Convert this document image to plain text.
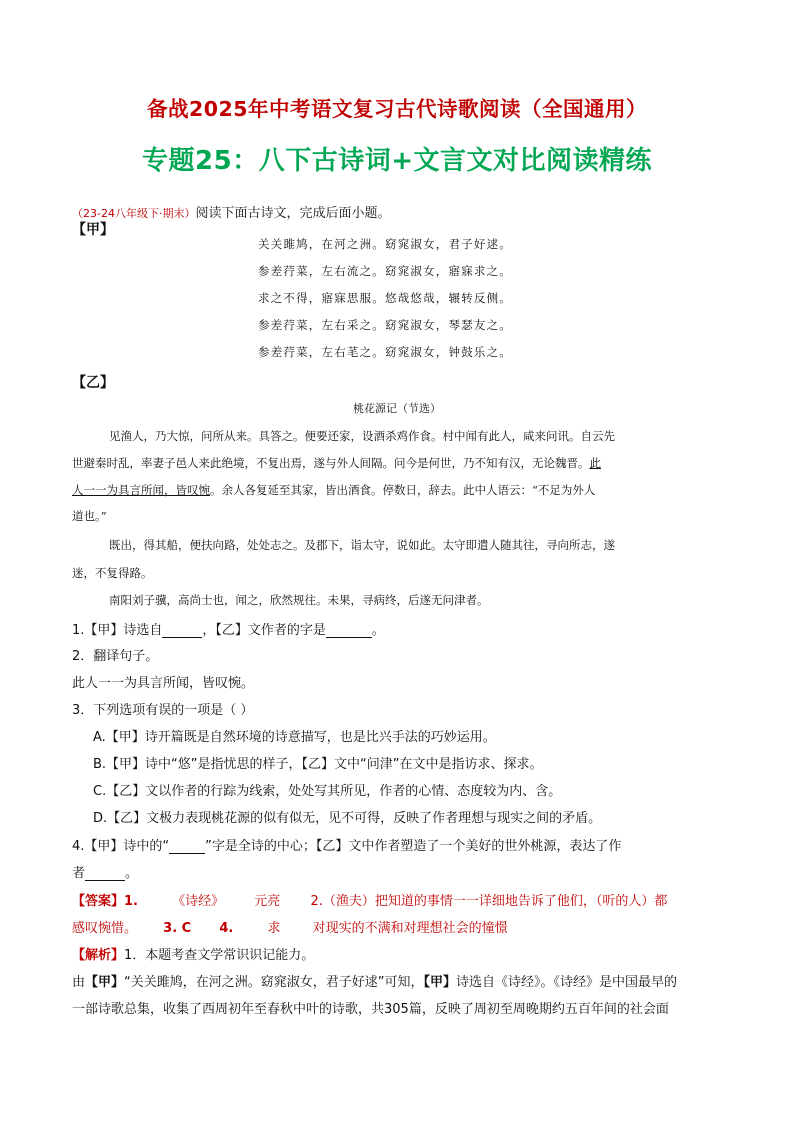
备战2025年中考语文复习古代诗歌阅读（全国通用）
专题25：八下古诗词+文言文对比阅读精练
（23-24八年级下·期末）阅读下面古诗文，完成后面小题。
【甲】
关关雎鸠，在河之洲。窈窕淑女，君子好逑。
参差荇菜，左右流之。窈窕淑女，寤寐求之。
求之不得，寤寐思服。悠哉悠哉，辗转反侧。
参差荇菜，左右采之。窈窕淑女，琴瑟友之。
参差荇菜，左右芼之。窈窕淑女，钟鼓乐之。
【乙】
桃花源记（节选）
见渔人，乃大惊，问所从来。具答之。便要还家，设酒杀鸡作食。村中闻有此人，咸来问讯。自云先
世避秦时乱，率妻子邑人来此绝境，不复出焉，遂与外人间隔。问今是何世，乃不知有汉，无论魏晋。此
人一一为具言所闻，皆叹惋。余人各复延至其家，皆出酒食。停数日，辞去。此中人语云：“不足为外人
道也。”
既出，得其船，便扶向路，处处志之。及郡下，诣太守，说如此。太守即遣人随其往，寻向所志，遂
迷，不复得路。
南阳刘子骥，高尚士也，闻之，欣然规往。未果，寻病终，后遂无问津者。
1.【甲】诗选自	，【乙】文作者的字是	。
2．翻译句子。
此人一一为具言所闻，皆叹惋。
3．下列选项有误的一项是（ ）
A.【甲】诗开篇既是自然环境的诗意描写，也是比兴手法的巧妙运用。
B.【甲】诗中“悠”是指忧思的样子，【乙】文中“问津”在文中是指访求、探求。
C.【乙】文以作者的行踪为线索，处处写其所见，作者的心情、态度较为内、含。
D.【乙】文极力表现桃花源的似有似无，见不可得，反映了作者理想与现实之间的矛盾。
4.【甲】诗中的“	”字是全诗的中心；【乙】文中作者塑造了一个美好的世外桃源，表达了作
者	。
【答案】1.	《诗经》 元亮 2.（渔夫）把知道的事情一一详细地告诉了他们，（听的人）都
感叹惋惜。 3. C 4.	求 对现实的不满和对理想社会的憧憬
【解析】1．本题考查文学常识识记能力。
由【甲】“关关雎鸠，在河之洲。窈窕淑女，君子好逑”可知，【甲】诗选自《诗经》。《诗经》是中国最早的
一部诗歌总集，收集了西周初年至春秋中叶的诗歌，共305篇，反映了周初至周晚期约五百年间的社会面
